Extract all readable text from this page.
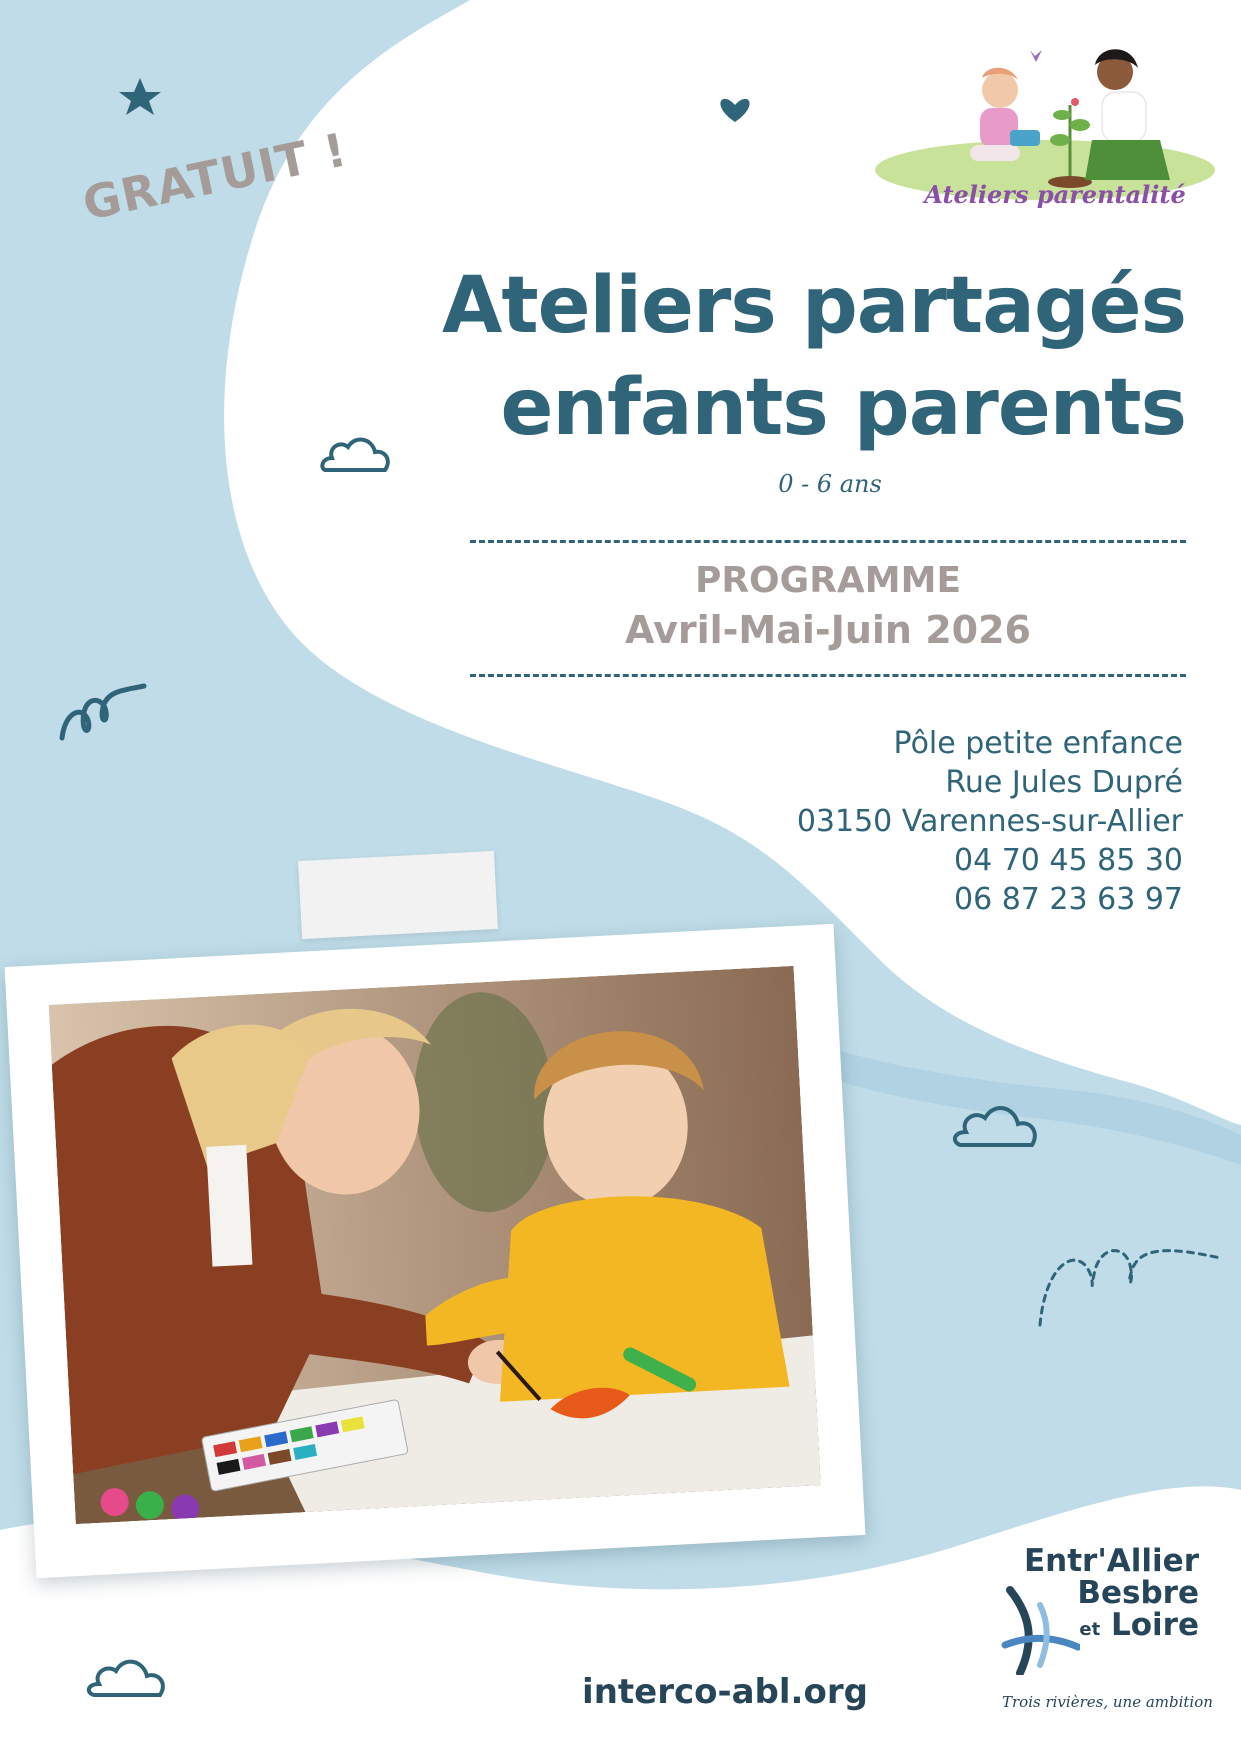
GRATUIT !	Ateliers parentalité
Ateliers partagés
enfants parents
0 - 6 ans
PROGRAMME
Avril-Mai-Juin 2026
Pôle petite enfance
Rue Jules Dupré
03150 Varennes-sur-Allier
04 70 45 85 30
06 87 23 63 97
interco-abl.org
Entr'Allier
Besbre
et Loire
Trois rivières, une ambition
